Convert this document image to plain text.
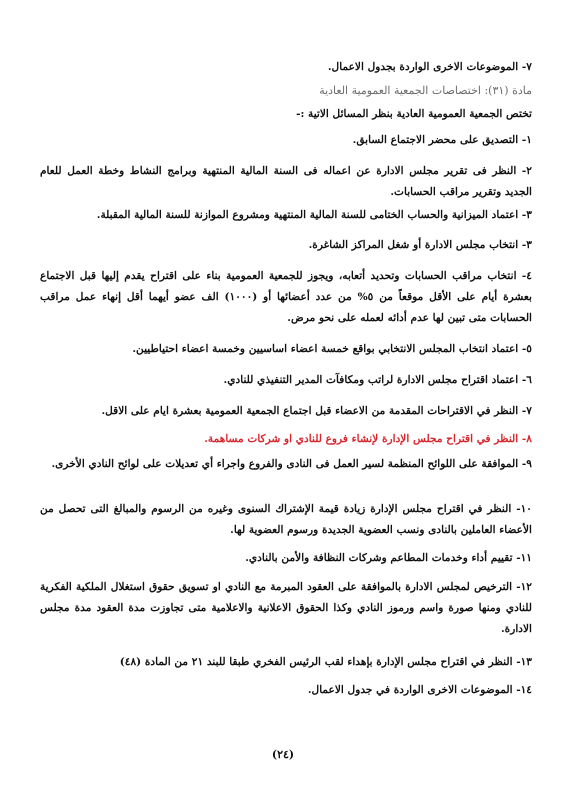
٧- الموضوعات الاخرى الواردة بجدول الاعمال.

مادة (٣١): اختصاصات الجمعية العمومية العادية

تختص الجمعية العمومية العادية بنظر المسائل الاتية :-

١- التصديق على محضر الاجتماع السابق.

٢- النظر فى تقرير مجلس الادارة عن اعماله فى السنة المالية المنتهية وبرامج النشاط وخطة العمل للعام الجديد وتقرير مراقب الحسابات.

٣- اعتماد الميزانية والحساب الختامى للسنة المالية المنتهية ومشروع الموازنة للسنة المالية المقبلة.

٣- انتخاب مجلس الادارة أو شغل المراكز الشاغرة.

٤- انتخاب مراقب الحسابات وتحديد أتعابه، ويجوز للجمعية العمومية بناء على اقتراح يقدم إليها قبل الاجتماع بعشرة أيام على الأقل موقعاً من ٥% من عدد أعضائها أو (١٠٠٠) الف عضو أيهما أقل إنهاء عمل مراقب الحسابات متى تبين لها عدم أدائه لعمله على نحو مرض.

٥- اعتماد انتخاب المجلس الانتخابي بواقع خمسة اعضاء اساسيين وخمسة اعضاء احتياطيين.

٦- اعتماد اقتراح مجلس الادارة لراتب ومكافآت المدير التنفيذي للنادي.

٧- النظر في الاقتراحات المقدمة من الاعضاء قبل اجتماع الجمعية العمومية بعشرة ايام على الاقل.

٨- النظر في اقتراح مجلس الإدارة لإنشاء فروع للنادي او شركات مساهمة.

٩- الموافقة على اللوائح المنظمة لسير العمل فى النادى والفروع واجراء أي تعديلات على لوائح النادي الأخرى.

١٠- النظر في اقتراح مجلس الإدارة زيادة قيمة الإشتراك السنوى وغيره من الرسوم والمبالغ التى تحصل من الأعضاء العاملين بالنادى ونسب العضوية الجديدة ورسوم العضوية لها.

١١- تقييم أداء وخدمات المطاعم وشركات النظافة والأمن بالنادي.

١٢- الترخيص لمجلس الادارة بالموافقة على العقود المبرمة مع النادي او تسويق حقوق استغلال الملكية الفكرية للنادي ومنها صورة واسم ورموز النادي وكذا الحقوق الاعلانية والاعلامية متى تجاوزت مدة العقود مدة مجلس الادارة.

١٣- النظر في اقتراح مجلس الإدارة بإهداء لقب الرئيس الفخري طبقا للبند ٢١ من المادة (٤٨)

١٤- الموضوعات الاخرى الواردة في جدول الاعمال.

(٢٤)
